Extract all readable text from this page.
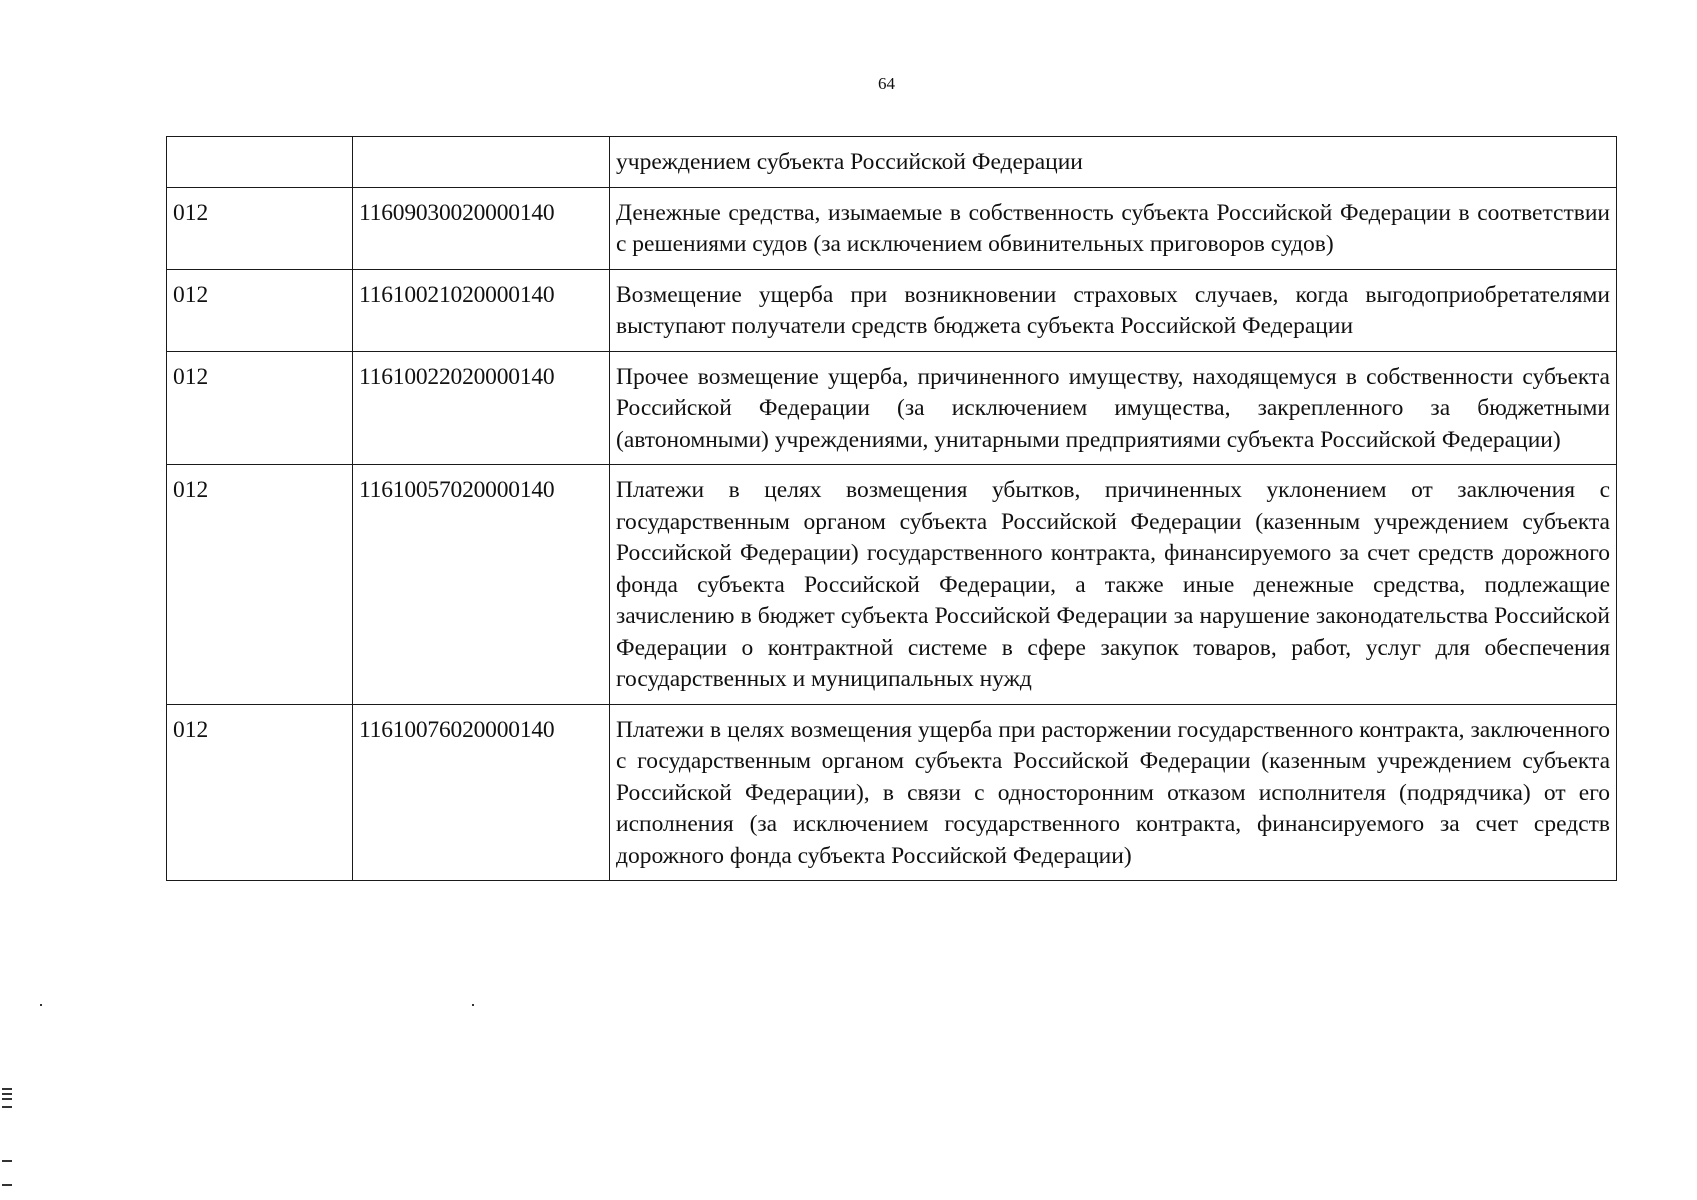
64
		учреждением субъекта Российской Федерации
012	11609030020000140	Денежные средства, изымаемые в собственность субъекта Российской Федерации в соответствии с решениями судов (за исключением обвинительных приговоров судов)
012	11610021020000140	Возмещение ущерба при возникновении страховых случаев, когда выгодоприобретателями выступают получатели средств бюджета субъекта Российской Федерации
012	11610022020000140	Прочее возмещение ущерба, причиненного имуществу, находящемуся в собственности субъекта Российской Федерации (за исключением имущества, закрепленного за бюджетными (автономными) учреждениями, унитарными предприятиями субъекта Российской Федерации)
012	11610057020000140	Платежи в целях возмещения убытков, причиненных уклонением от заключения с государственным органом субъекта Российской Федерации (казенным учреждением субъекта Российской Федерации) государственного контракта, финансируемого за счет средств дорожного фонда субъекта Российской Федерации, а также иные денежные средства, подлежащие зачислению в бюджет субъекта Российской Федерации за нарушение законодательства Российской Федерации о контрактной системе в сфере закупок товаров, работ, услуг для обеспечения государственных и муниципальных нужд
012	11610076020000140	Платежи в целях возмещения ущерба при расторжении государственного контракта, заключенного с государственным органом субъекта Российской Федерации (казенным учреждением субъекта Российской Федерации), в связи с односторонним отказом исполнителя (подрядчика) от его исполнения (за исключением государственного контракта, финансируемого за счет средств дорожного фонда субъекта Российской Федерации)
